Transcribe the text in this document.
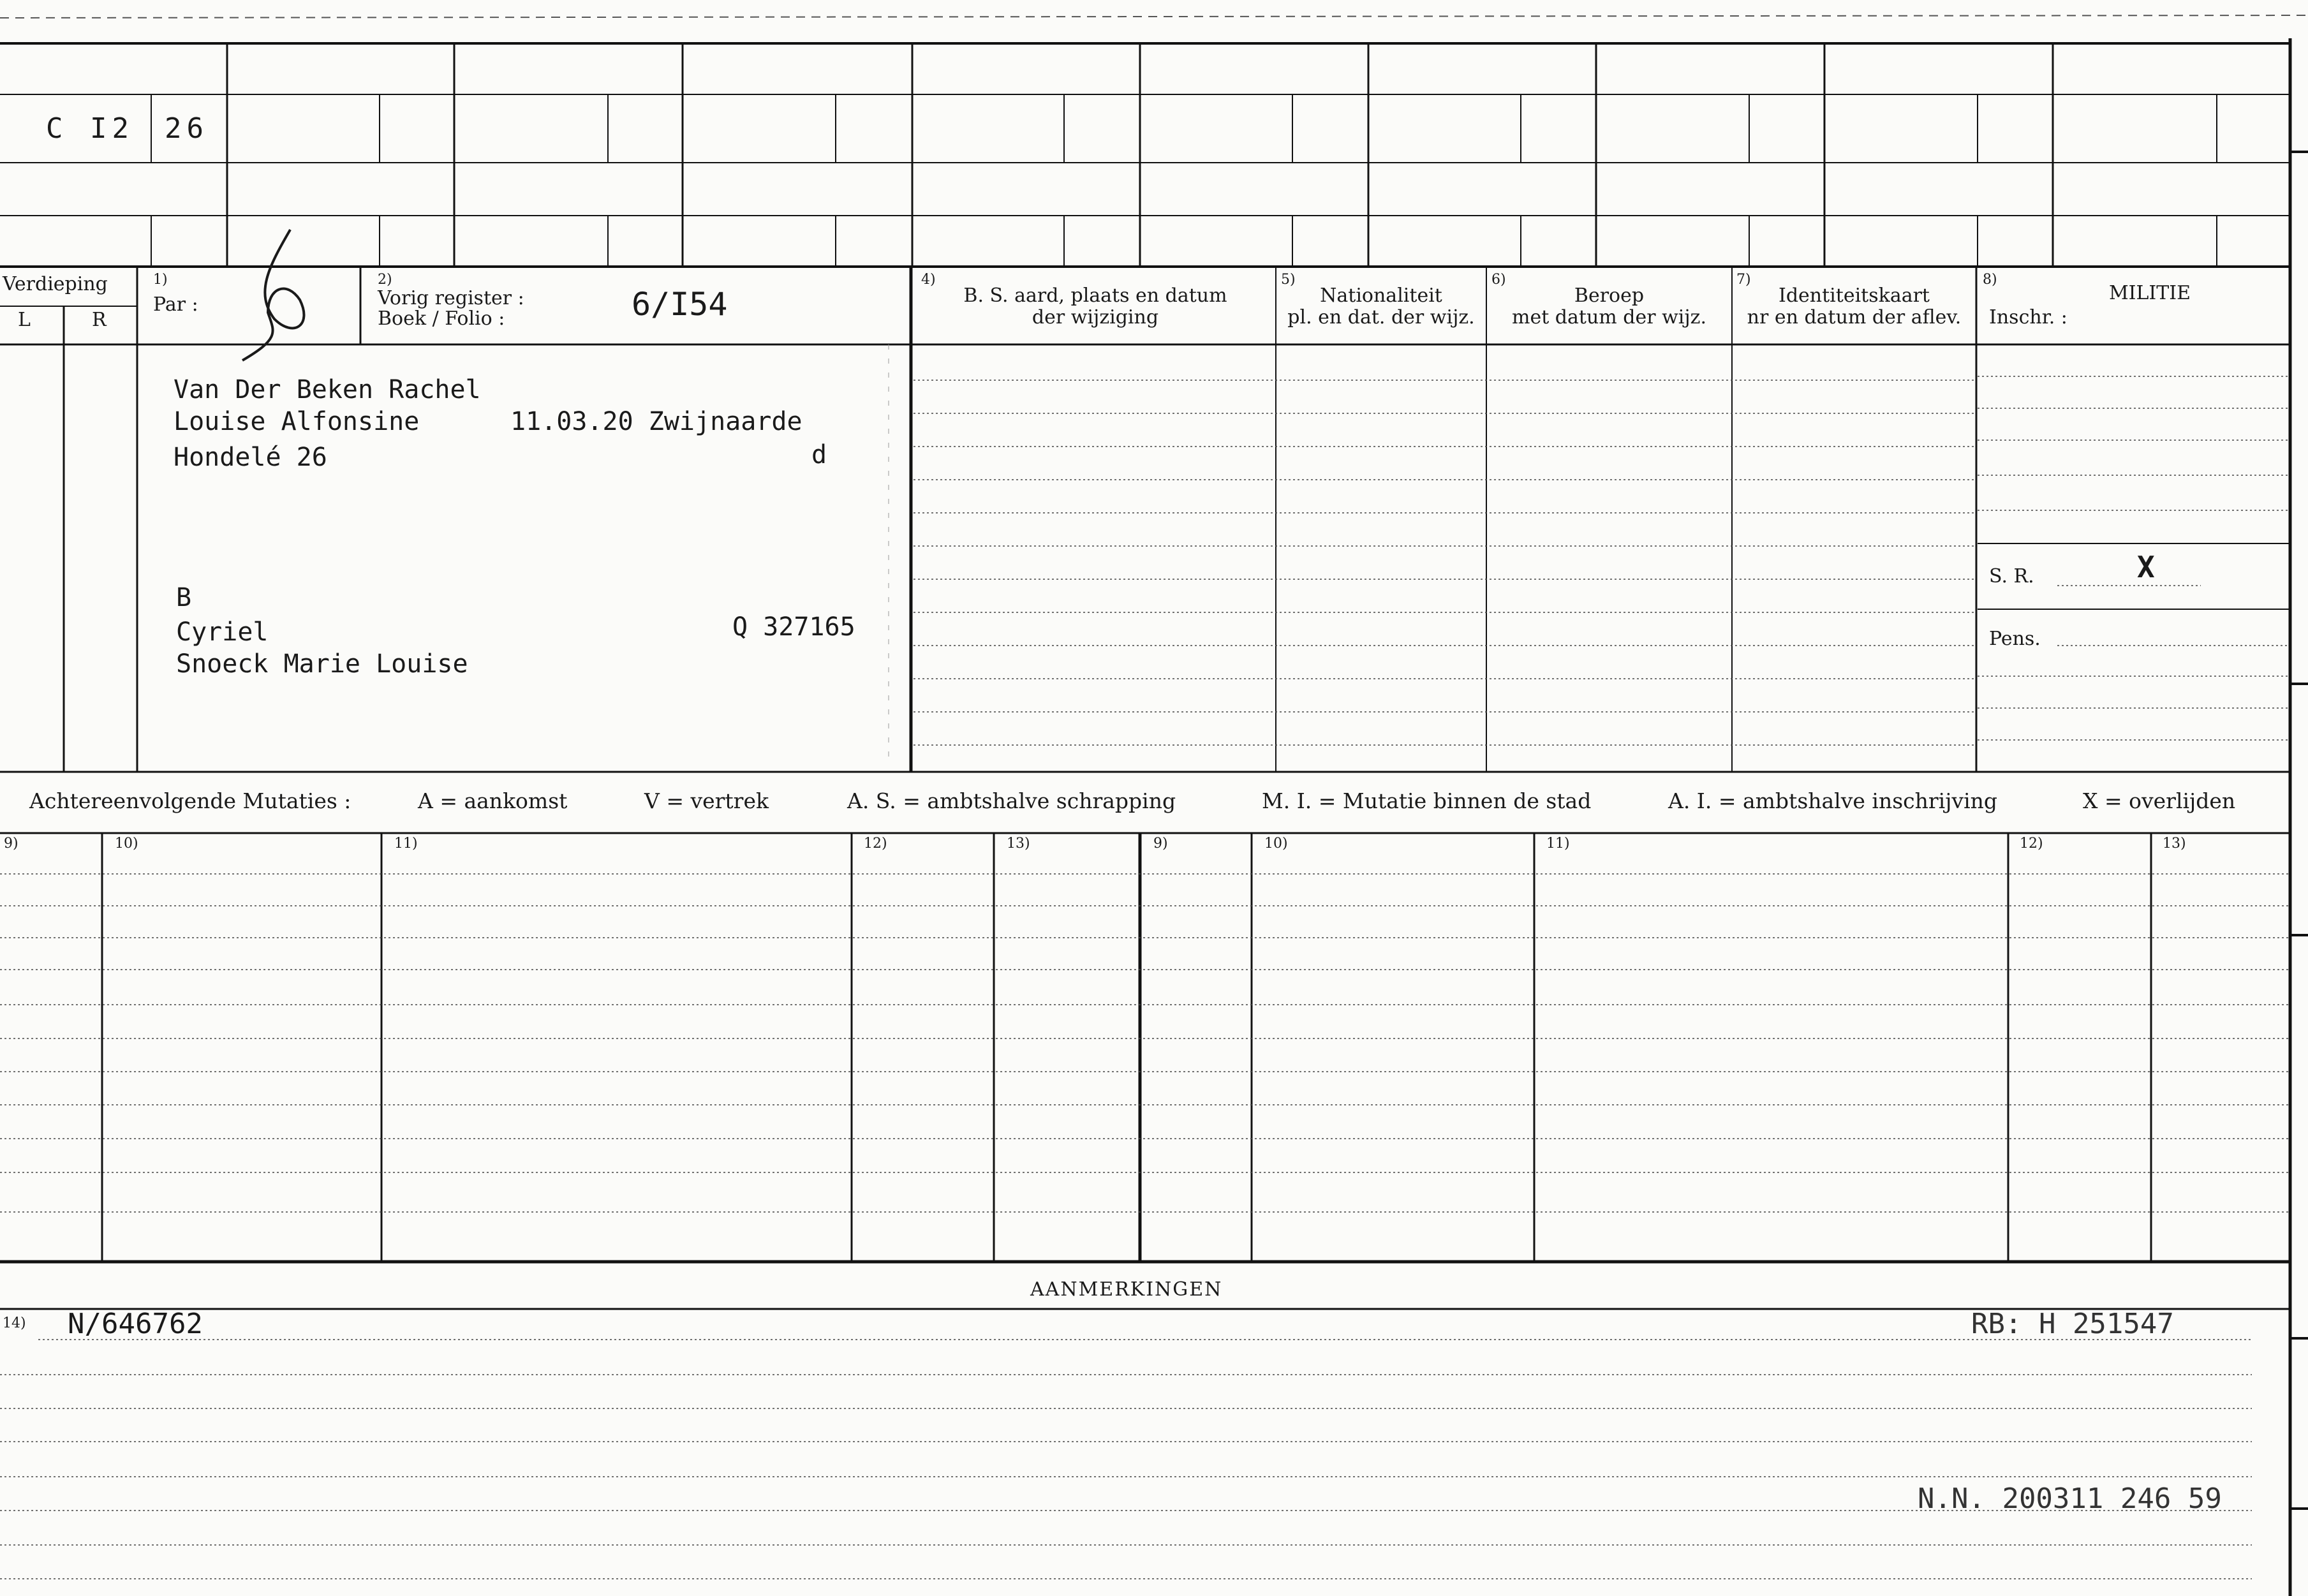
C I2 26
Verdieping
L	R
1)
Par :
2)
Vorig register :
Boek / Folio :	6/I54
4)
B. S. aard, plaats en datum
der wijziging
5)
Nationaliteit
pl. en dat. der wijz.
6)
Beroep
met datum der wijz.
7)
Identiteitskaart
nr en datum der aflev.
8)
MILITIE
Inschr. :
Van Der Beken Rachel
Louise Alfonsine	11.03.20 Zwijnaarde
Hondelé 26	d
B
Cyriel	Q 327165
Snoeck Marie Louise
S. R.	X
Pens.
Achtereenvolgende Mutaties :	A = aankomst	V = vertrek	A. S. = ambtshalve schrapping	M. I. = Mutatie binnen de stad	A. I. = ambtshalve inschrijving	X = overlijden
9)	10)	11)	12)	13)	9)	10)	11)	12)	13)
AANMERKINGEN
14) N/646762	RB: H 251547
N.N. 200311 246 59
